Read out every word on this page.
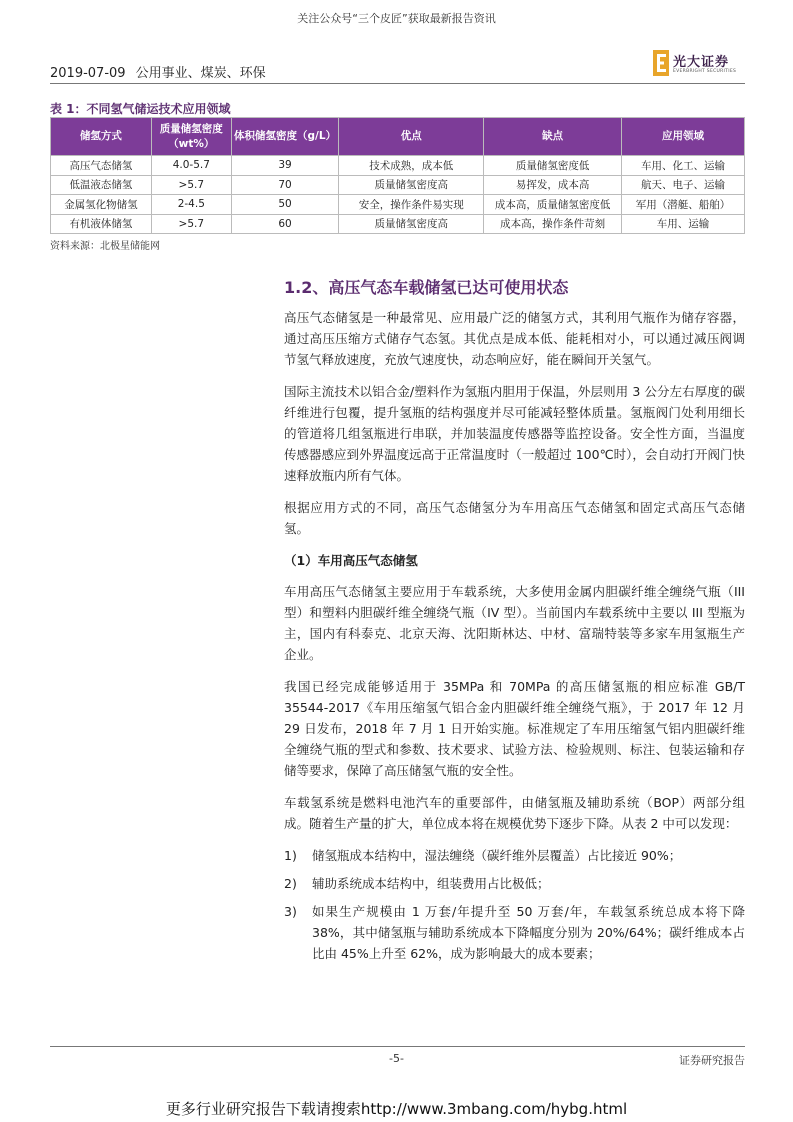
关注公众号“三个皮匠”获取最新报告资讯
2019-07-09 公用事业、煤炭、环保
光大证券
EVERBRIGHT SECURITIES
表 1：不同氢气储运技术应用领域
储氢方式	质量储氢密度（wt%）	体积储氢密度（g/L）	优点	缺点	应用领域
高压气态储氢	4.0-5.7	39	技术成熟，成本低	质量储氢密度低	车用、化工、运输
低温液态储氢	>5.7	70	质量储氢密度高	易挥发，成本高	航天、电子、运输
金属氢化物储氢	2-4.5	50	安全，操作条件易实现	成本高，质量储氢密度低	军用（潜艇、船舶）
有机液体储氢	>5.7	60	质量储氢密度高	成本高，操作条件苛刻	车用、运输
资料来源：北极星储能网
1.2、高压气态车载储氢已达可使用状态

高压气态储氢是一种最常见、应用最广泛的储氢方式，其利用气瓶作为储存容器，通过高压压缩方式储存气态氢。其优点是成本低、能耗相对小，可以通过减压阀调节氢气释放速度，充放气速度快，动态响应好，能在瞬间开关氢气。

国际主流技术以铝合金/塑料作为氢瓶内胆用于保温，外层则用 3 公分左右厚度的碳纤维进行包覆，提升氢瓶的结构强度并尽可能减轻整体质量。氢瓶阀门处利用细长的管道将几组氢瓶进行串联，并加装温度传感器等监控设备。安全性方面，当温度传感器感应到外界温度远高于正常温度时（一般超过 100℃时），会自动打开阀门快速释放瓶内所有气体。

根据应用方式的不同，高压气态储氢分为车用高压气态储氢和固定式高压气态储氢。

（1）车用高压气态储氢

车用高压气态储氢主要应用于车载系统，大多使用金属内胆碳纤维全缠绕气瓶（III 型）和塑料内胆碳纤维全缠绕气瓶（IV 型）。当前国内车载系统中主要以 III 型瓶为主，国内有科泰克、北京天海、沈阳斯林达、中材、富瑞特装等多家车用氢瓶生产企业。

我国已经完成能够适用于 35MPa 和 70MPa 的高压储氢瓶的相应标准 GB/T 35544-2017《车用压缩氢气铝合金内胆碳纤维全缠绕气瓶》，于 2017 年 12 月 29 日发布，2018 年 7 月 1 日开始实施。标准规定了车用压缩氢气铝内胆碳纤维全缠绕气瓶的型式和参数、技术要求、试验方法、检验规则、标注、包装运输和存储等要求，保障了高压储氢气瓶的安全性。

车载氢系统是燃料电池汽车的重要部件，由储氢瓶及辅助系统（BOP）两部分组成。随着生产量的扩大，单位成本将在规模优势下逐步下降。从表 2 中可以发现：

1)	储氢瓶成本结构中，湿法缠绕（碳纤维外层覆盖）占比接近 90%；
2)	辅助系统成本结构中，组装费用占比极低；
3)	如果生产规模由 1 万套/年提升至 50 万套/年，车载氢系统总成本将下降 38%，其中储氢瓶与辅助系统成本下降幅度分别为 20%/64%；碳纤维成本占比由 45%上升至 62%，成为影响最大的成本要素；
-5-	证券研究报告
更多行业研究报告下载请搜索http://www.3mbang.com/hybg.html
